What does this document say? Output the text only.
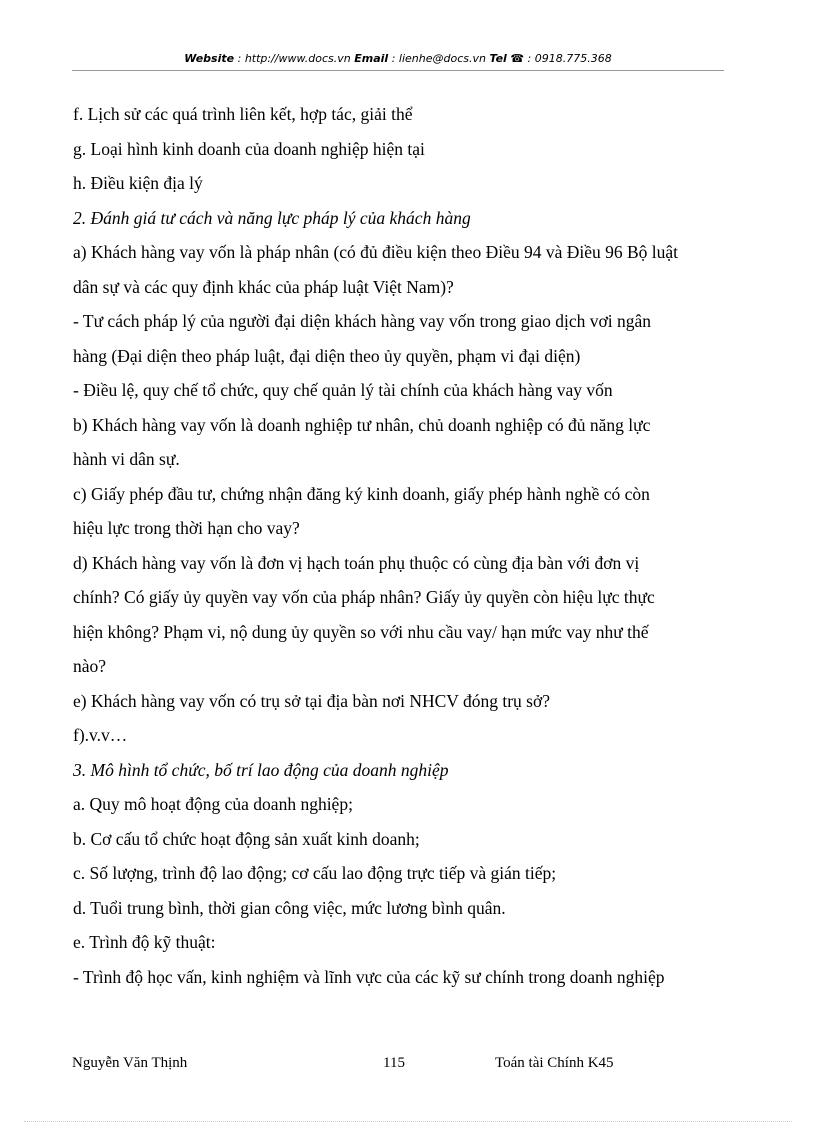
Website : http://www.docs.vn Email : lienhe@docs.vn Tel ☎ : 0918.775.368
f. Lịch sử các quá trình liên kết, hợp tác, giải thể
g. Loại hình kinh doanh của doanh nghiệp hiện tại
h. Điều kiện địa lý
2. Đánh giá tư cách và năng lực pháp lý của khách hàng
a) Khách hàng vay vốn là pháp nhân (có đủ điều kiện theo Điều 94 và Điều 96 Bộ luật
dân sự và các quy định khác của pháp luật Việt Nam)?
- Tư cách pháp lý của người đại diện khách hàng vay vốn trong giao dịch vơi ngân
hàng (Đại diện theo pháp luật, đại diện theo ủy quyền, phạm vi đại diện)
- Điều lệ, quy chế tổ chức, quy chế quản lý tài chính của khách hàng vay vốn
b) Khách hàng vay vốn là doanh nghiệp tư nhân, chủ doanh nghiệp có đủ năng lực
hành vi dân sự.
c) Giấy phép đầu tư, chứng nhận đăng ký kinh doanh, giấy phép hành nghề có còn
hiệu lực trong thời hạn cho vay?
d) Khách hàng vay vốn là đơn vị hạch toán phụ thuộc có cùng địa bàn với đơn vị
chính? Có giấy ủy quyền vay vốn của pháp nhân? Giấy ủy quyền còn hiệu lực thực
hiện không? Phạm vi, nộ dung ủy quyền so với nhu cầu vay/ hạn mức vay như thế
nào?
e) Khách hàng vay vốn có trụ sở tại địa bàn nơi NHCV đóng trụ sở?
f).v.v…
3. Mô hình tổ chức, bố trí lao động của doanh nghiệp
a. Quy mô hoạt động của doanh nghiệp;
b. Cơ cấu tổ chức hoạt động sản xuất kinh doanh;
c. Số lượng, trình độ lao động; cơ cấu lao động trực tiếp và gián tiếp;
d. Tuổi trung bình, thời gian công việc, mức lương bình quân.
e. Trình độ kỹ thuật:
- Trình độ học vấn, kinh nghiệm và lĩnh vực của các kỹ sư chính trong doanh nghiệp
Nguyễn Văn Thịnh	115	Toán tài Chính K45
